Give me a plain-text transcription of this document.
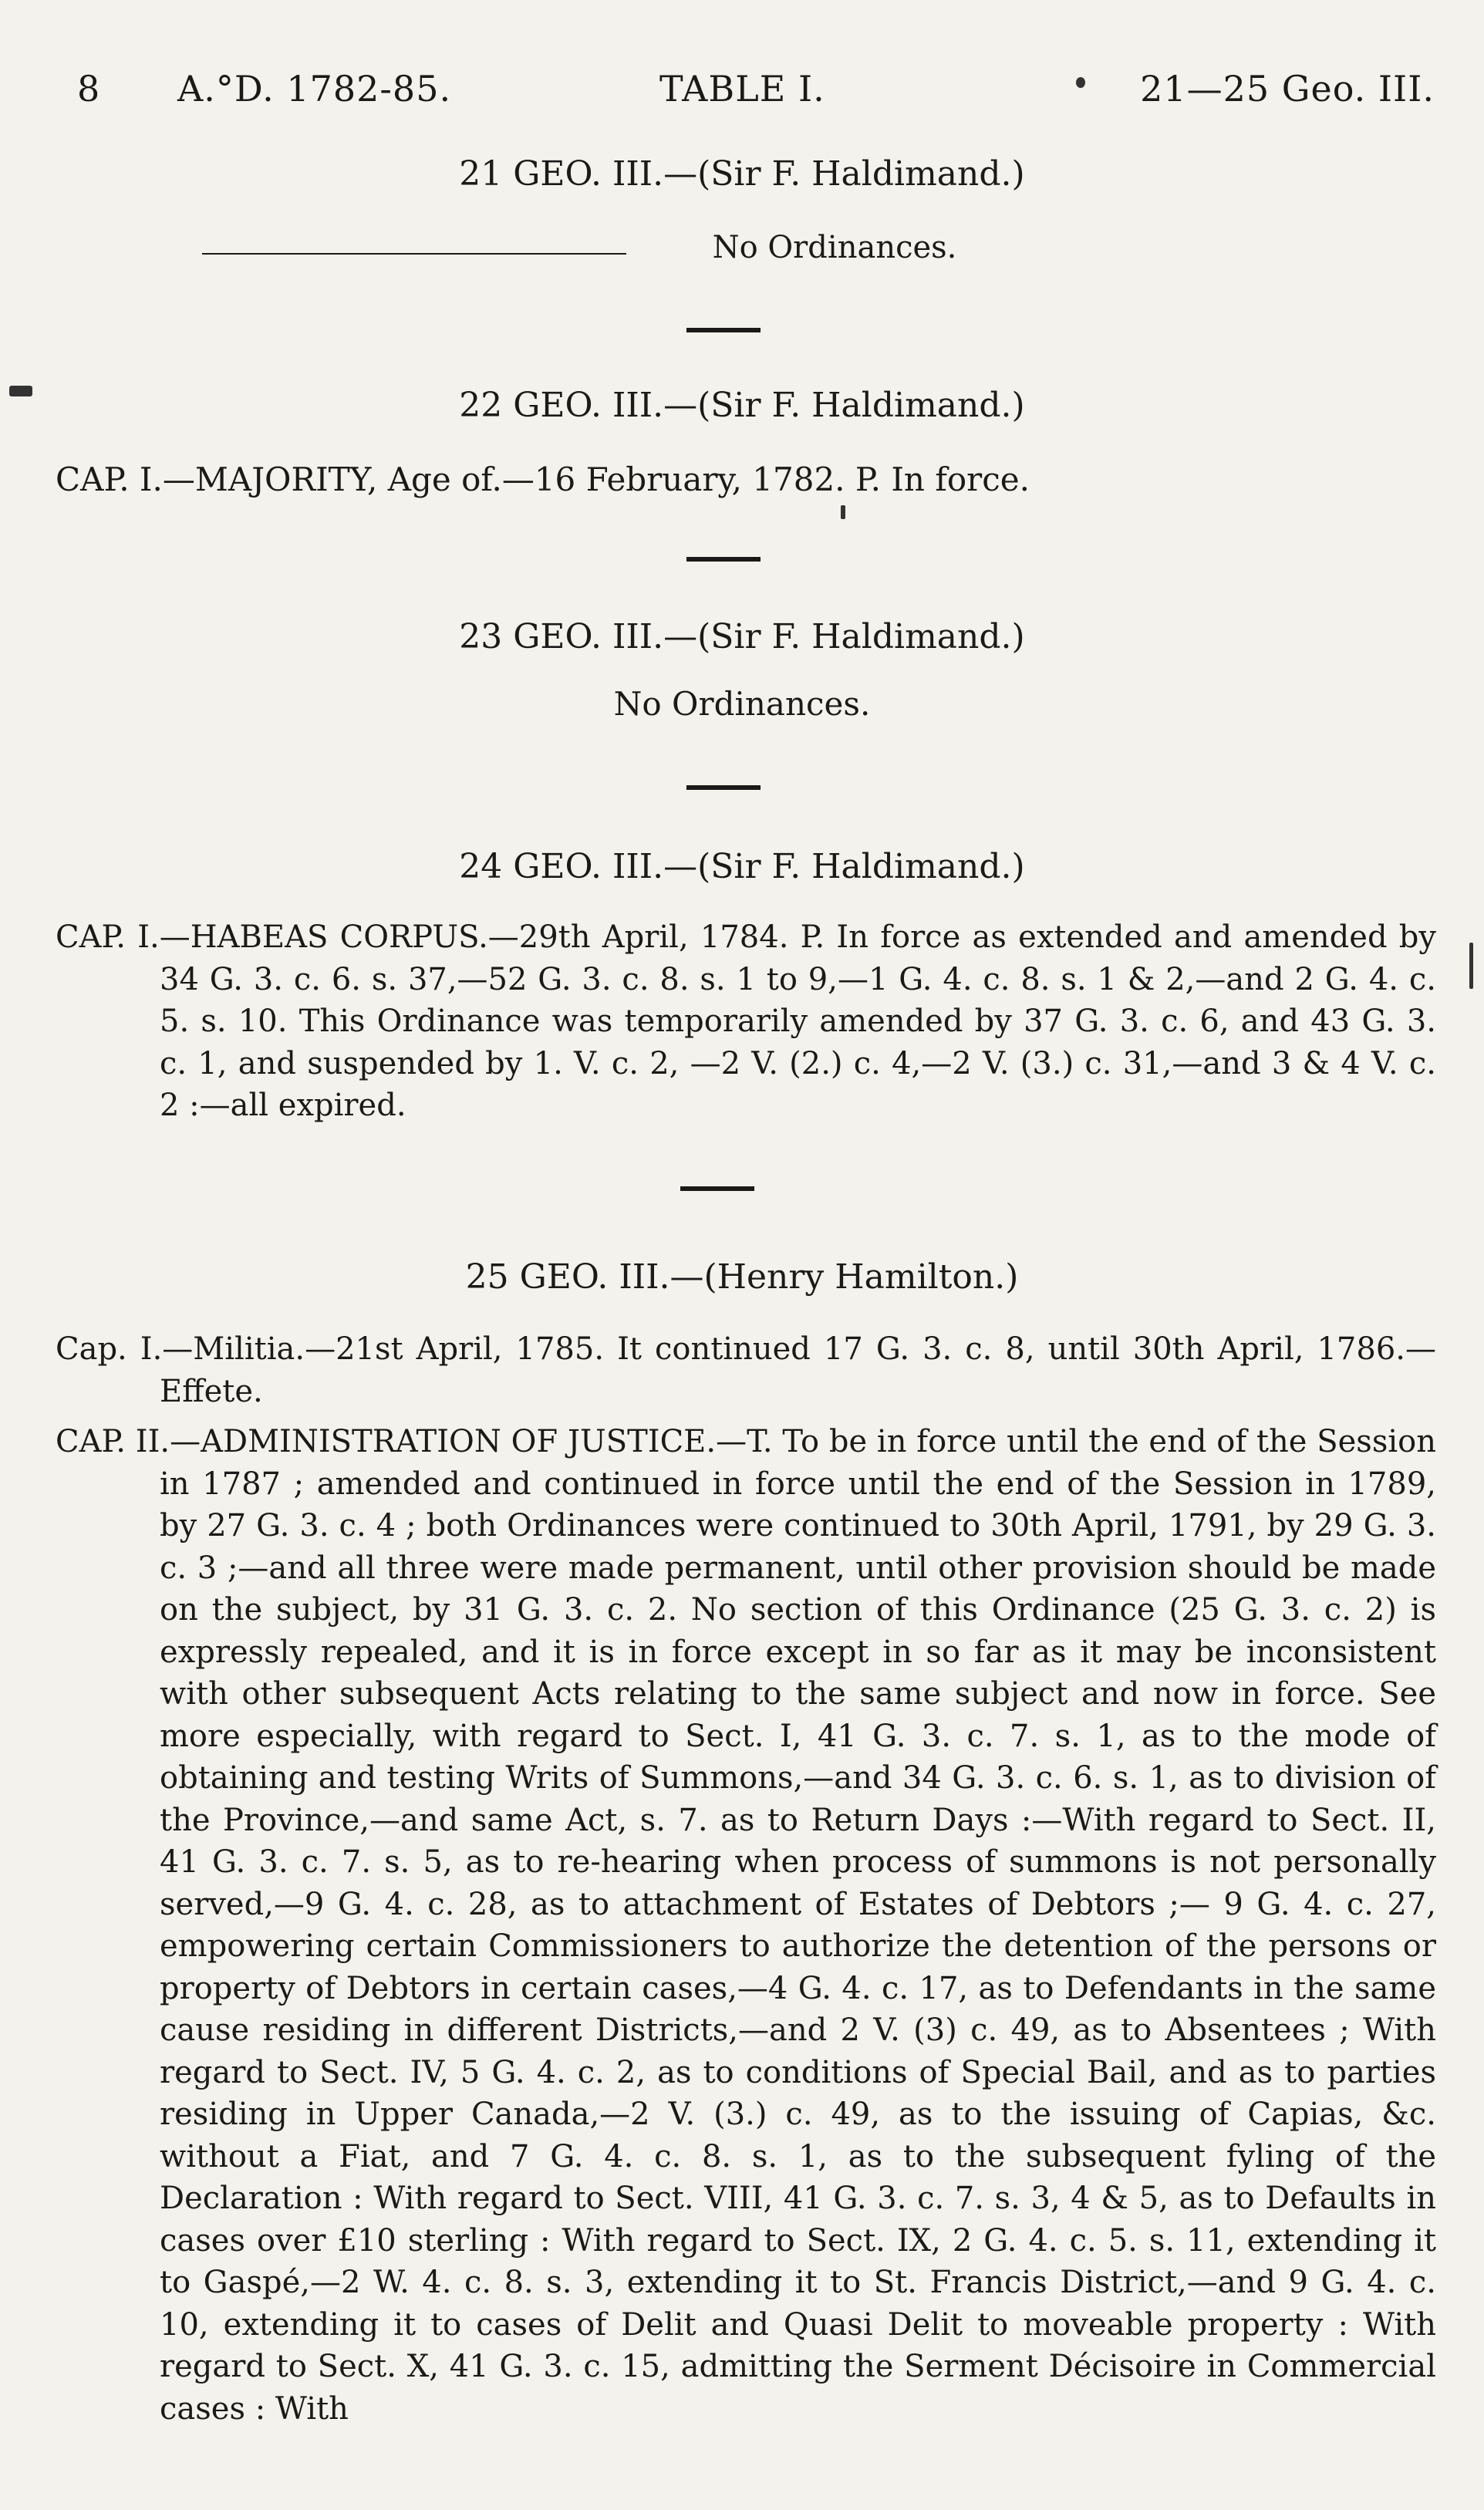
8 A.°D. 1782-85.	TABLE I.	21—25 Geo. III.
21 GEO. III.—(Sir F. Haldimand.)
No Ordinances.
22 GEO. III.—(Sir F. Haldimand.)
CAP. I.—MAJORITY, Age of.—16 February, 1782. P. In force.
23 GEO. III.—(Sir F. Haldimand.)
No Ordinances.
24 GEO. III.—(Sir F. Haldimand.)
CAP. I.—HABEAS CORPUS.—29th April, 1784. P. In force as extended and amended by 34 G. 3. c. 6. s. 37,—52 G. 3. c. 8. s. 1 to 9,—1 G. 4. c. 8. s. 1 & 2,—and 2 G. 4. c. 5. s. 10. This Ordinance was temporarily amended by 37 G. 3. c. 6, and 43 G. 3. c. 1, and suspended by 1. V. c. 2, —2 V. (2.) c. 4,—2 V. (3.) c. 31,—and 3 & 4 V. c. 2 :—all expired.
25 GEO. III.—(Henry Hamilton.)
Cap. I.—Militia.—21st April, 1785. It continued 17 G. 3. c. 8, until 30th April, 1786.—Effete.
CAP. II.—ADMINISTRATION OF JUSTICE.—T. To be in force until the end of the Session in 1787 ; amended and continued in force until the end of the Session in 1789, by 27 G. 3. c. 4 ; both Ordinances were continued to 30th April, 1791, by 29 G. 3. c. 3 ;—and all three were made permanent, until other provision should be made on the subject, by 31 G. 3. c. 2. No section of this Ordinance (25 G. 3. c. 2) is expressly repealed, and it is in force except in so far as it may be inconsistent with other subsequent Acts relating to the same subject and now in force. See more especially, with regard to Sect. I, 41 G. 3. c. 7. s. 1, as to the mode of obtaining and testing Writs of Summons,—and 34 G. 3. c. 6. s. 1, as to division of the Province,—and same Act, s. 7. as to Return Days :—With regard to Sect. II, 41 G. 3. c. 7. s. 5, as to re-hearing when process of summons is not personally served,—9 G. 4. c. 28, as to attachment of Estates of Debtors ;— 9 G. 4. c. 27, empowering certain Commissioners to authorize the detention of the persons or property of Debtors in certain cases,—4 G. 4. c. 17, as to Defendants in the same cause residing in different Districts,—and 2 V. (3) c. 49, as to Absentees ; With regard to Sect. IV, 5 G. 4. c. 2, as to conditions of Special Bail, and as to parties residing in Upper Canada,—2 V. (3.) c. 49, as to the issuing of Capias, &c. without a Fiat, and 7 G. 4. c. 8. s. 1, as to the subsequent fyling of the Declaration : With regard to Sect. VIII, 41 G. 3. c. 7. s. 3, 4 & 5, as to Defaults in cases over £10 sterling : With regard to Sect. IX, 2 G. 4. c. 5. s. 11, extending it to Gaspé,—2 W. 4. c. 8. s. 3, extending it to St. Francis District,—and 9 G. 4. c. 10, extending it to cases of Delit and Quasi Delit to moveable property : With regard to Sect. X, 41 G. 3. c. 15, admitting the Serment Décisoire in Commercial cases : With
